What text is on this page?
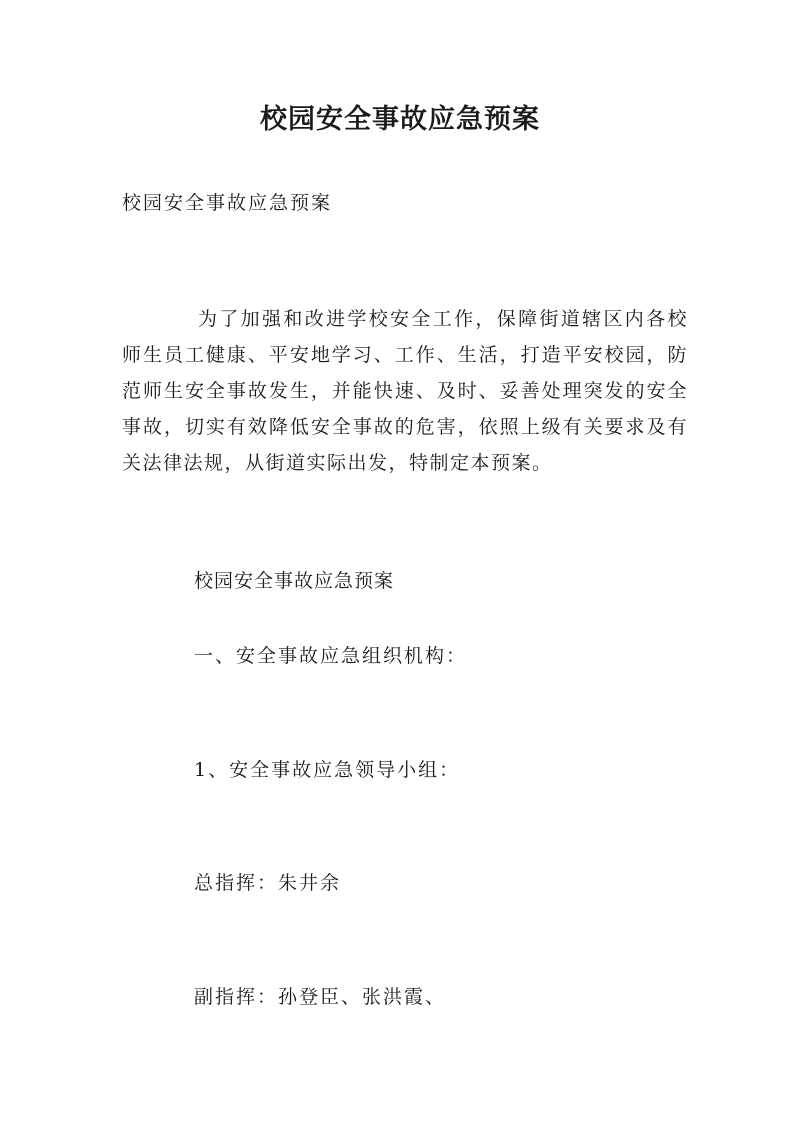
校园安全事故应急预案
校园安全事故应急预案
为了加强和改进学校安全工作，保障街道辖区内各校师生员工健康、平安地学习、工作、生活，打造平安校园，防范师生安全事故发生，并能快速、及时、妥善处理突发的安全事故，切实有效降低安全事故的危害，依照上级有关要求及有关法律法规，从街道实际出发，特制定本预案。
校园安全事故应急预案
一、安全事故应急组织机构：
1、安全事故应急领导小组：
总指挥：朱井余
副指挥：孙登臣、张洪霞、
